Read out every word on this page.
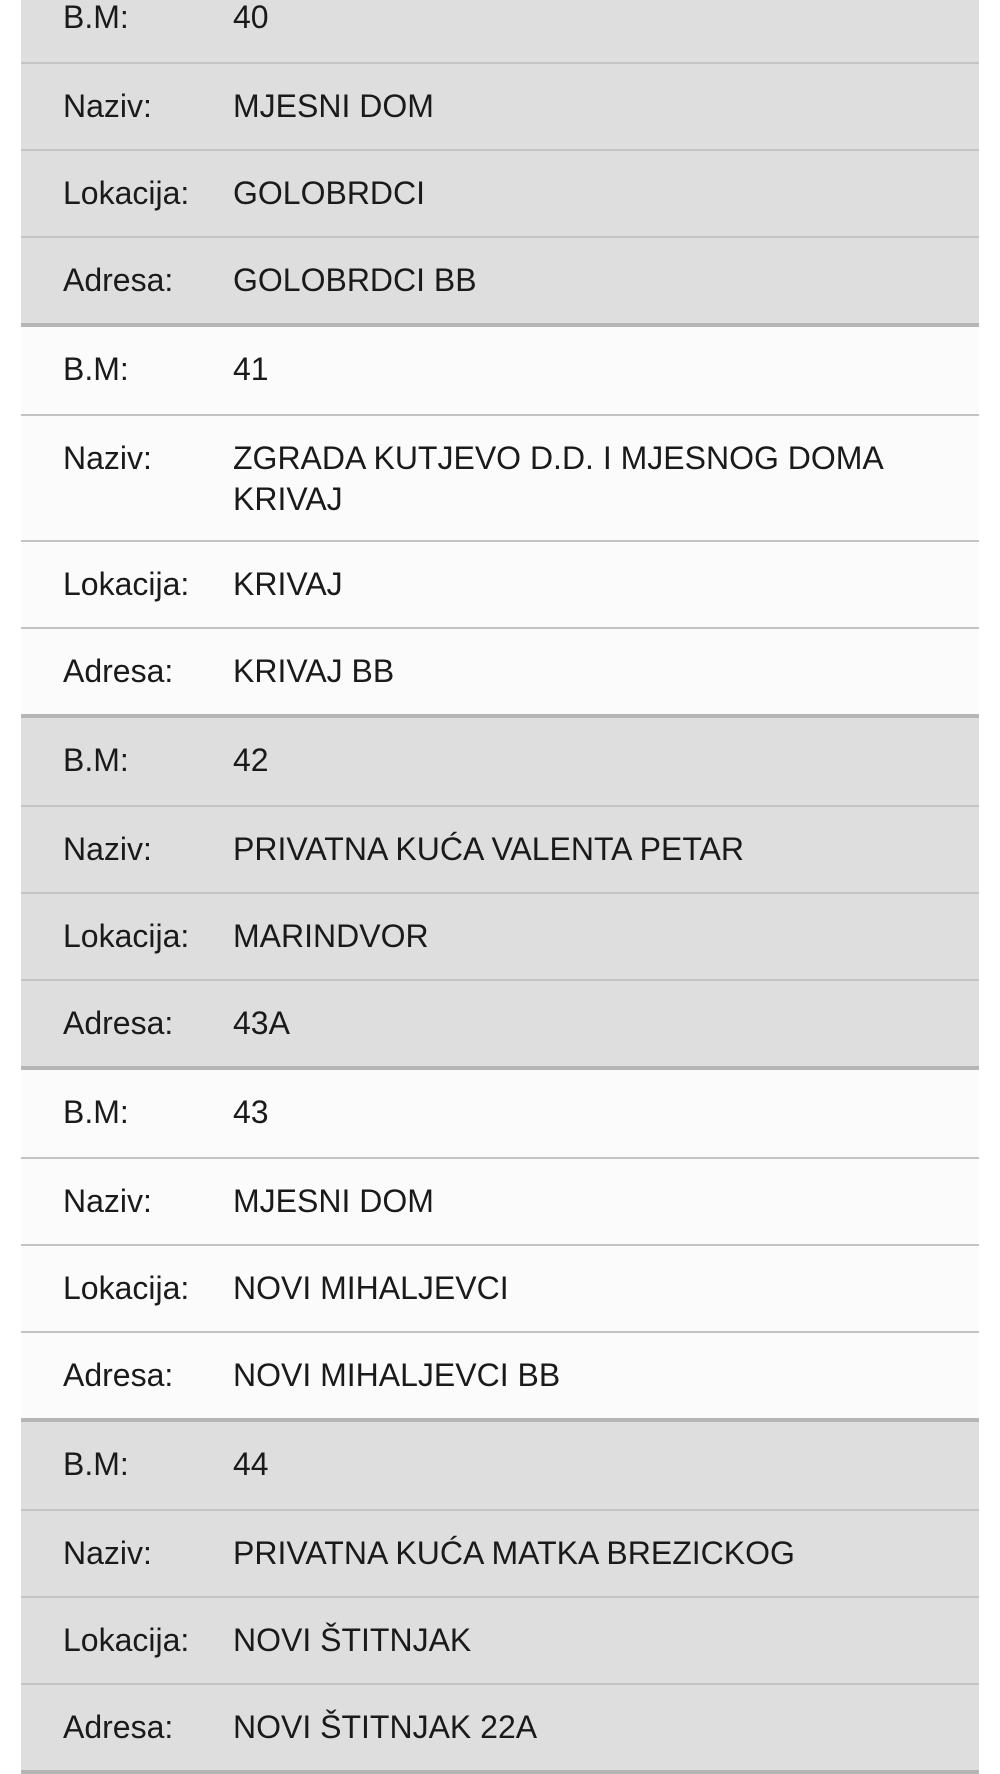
B.M:	40
Naziv:	MJESNI DOM
Lokacija:	GOLOBRDCI
Adresa:	GOLOBRDCI BB
B.M:	41
Naziv:	ZGRADA KUTJEVO D.D. I MJESNOG DOMA KRIVAJ
Lokacija:	KRIVAJ
Adresa:	KRIVAJ BB
B.M:	42
Naziv:	PRIVATNA KUĆA VALENTA PETAR
Lokacija:	MARINDVOR
Adresa:	43A
B.M:	43
Naziv:	MJESNI DOM
Lokacija:	NOVI MIHALJEVCI
Adresa:	NOVI MIHALJEVCI BB
B.M:	44
Naziv:	PRIVATNA KUĆA MATKA BREZICKOG
Lokacija:	NOVI ŠTITNJAK
Adresa:	NOVI ŠTITNJAK 22A
